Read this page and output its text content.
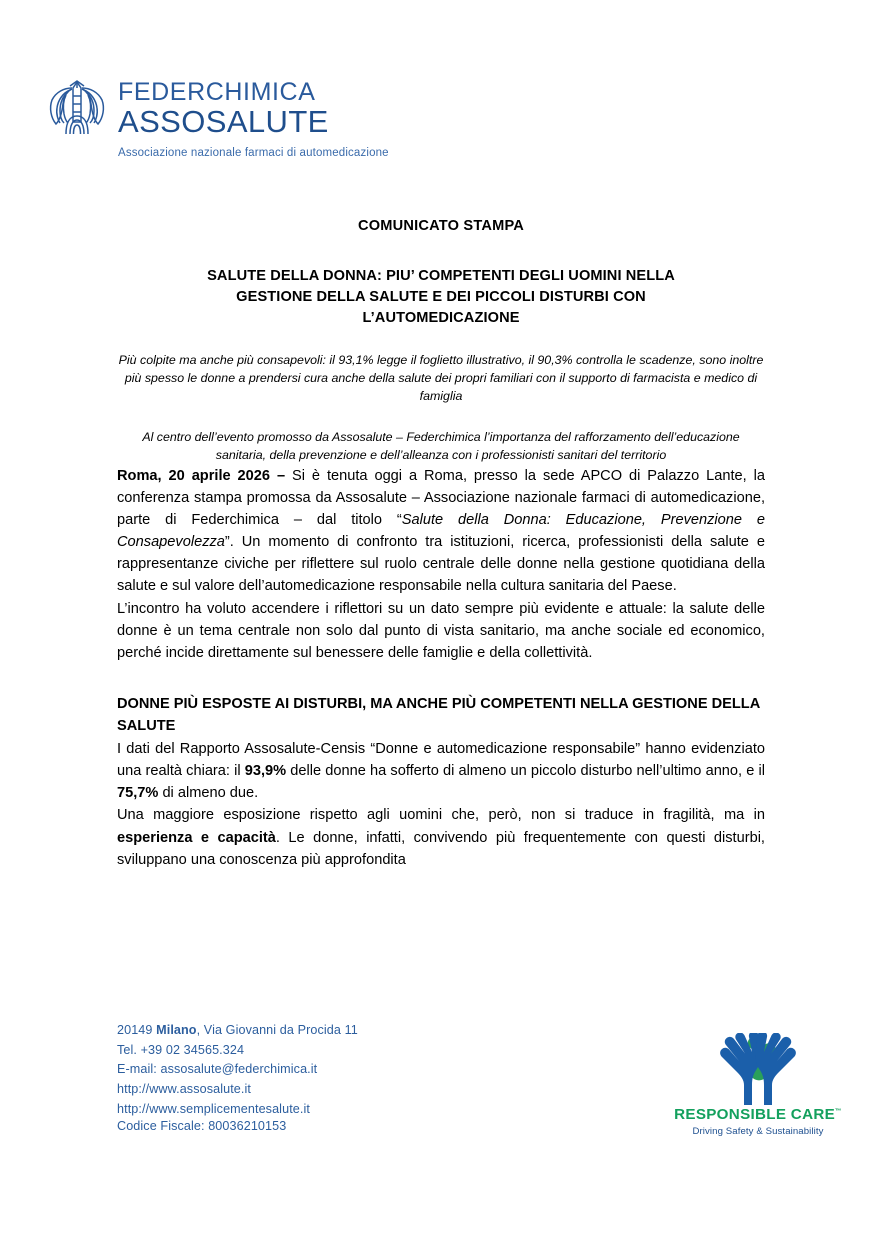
FEDERCHIMICA
ASSOSALUTE
Associazione nazionale farmaci di automedicazione
COMUNICATO STAMPA
SALUTE DELLA DONNA: PIU’ COMPETENTI DEGLI UOMINI NELLA
GESTIONE DELLA SALUTE E DEI PICCOLI DISTURBI CON
L’AUTOMEDICAZIONE
Più colpite ma anche più consapevoli: il 93,1% legge il foglietto illustrativo, il 90,3% controlla le scadenze, sono inoltre più spesso le donne a prendersi cura anche della salute dei propri familiari con il supporto di farmacista e medico di famiglia
Al centro dell’evento promosso da Assosalute – Federchimica l’importanza del rafforzamento dell’educazione sanitaria, della prevenzione e dell’alleanza con i professionisti sanitari del territorio

Roma, 20 aprile 2026 – Si è tenuta oggi a Roma, presso la sede APCO di Palazzo Lante, la conferenza stampa promossa da Assosalute – Associazione nazionale farmaci di automedicazione, parte di Federchimica – dal titolo “Salute della Donna: Educazione, Prevenzione e Consapevolezza”. Un momento di confronto tra istituzioni, ricerca, professionisti della salute e rappresentanze civiche per riflettere sul ruolo centrale delle donne nella gestione quotidiana della salute e sul valore dell’automedicazione responsabile nella cultura sanitaria del Paese.

L’incontro ha voluto accendere i riflettori su un dato sempre più evidente e attuale: la salute delle donne è un tema centrale non solo dal punto di vista sanitario, ma anche sociale ed economico, perché incide direttamente sul benessere delle famiglie e della collettività.

DONNE PIÙ ESPOSTE AI DISTURBI, MA ANCHE PIÙ COMPETENTI NELLA GESTIONE DELLA SALUTE

I dati del Rapporto Assosalute-Censis “Donne e automedicazione responsabile” hanno evidenziato una realtà chiara: il 93,9% delle donne ha sofferto di almeno un piccolo disturbo nell’ultimo anno, e il 75,7% di almeno due.

Una maggiore esposizione rispetto agli uomini che, però, non si traduce in fragilità, ma in esperienza e capacità. Le donne, infatti, convivendo più frequentemente con questi disturbi, sviluppano una conoscenza più approfondita

20149 Milano, Via Giovanni da Procida 11
Tel. +39 02 34565.324
E-mail: assosalute@federchimica.it
http://www.assosalute.it
http://www.semplicementesalute.it
Codice Fiscale: 80036210153
RESPONSIBLE CARE™
Driving Safety & Sustainability
